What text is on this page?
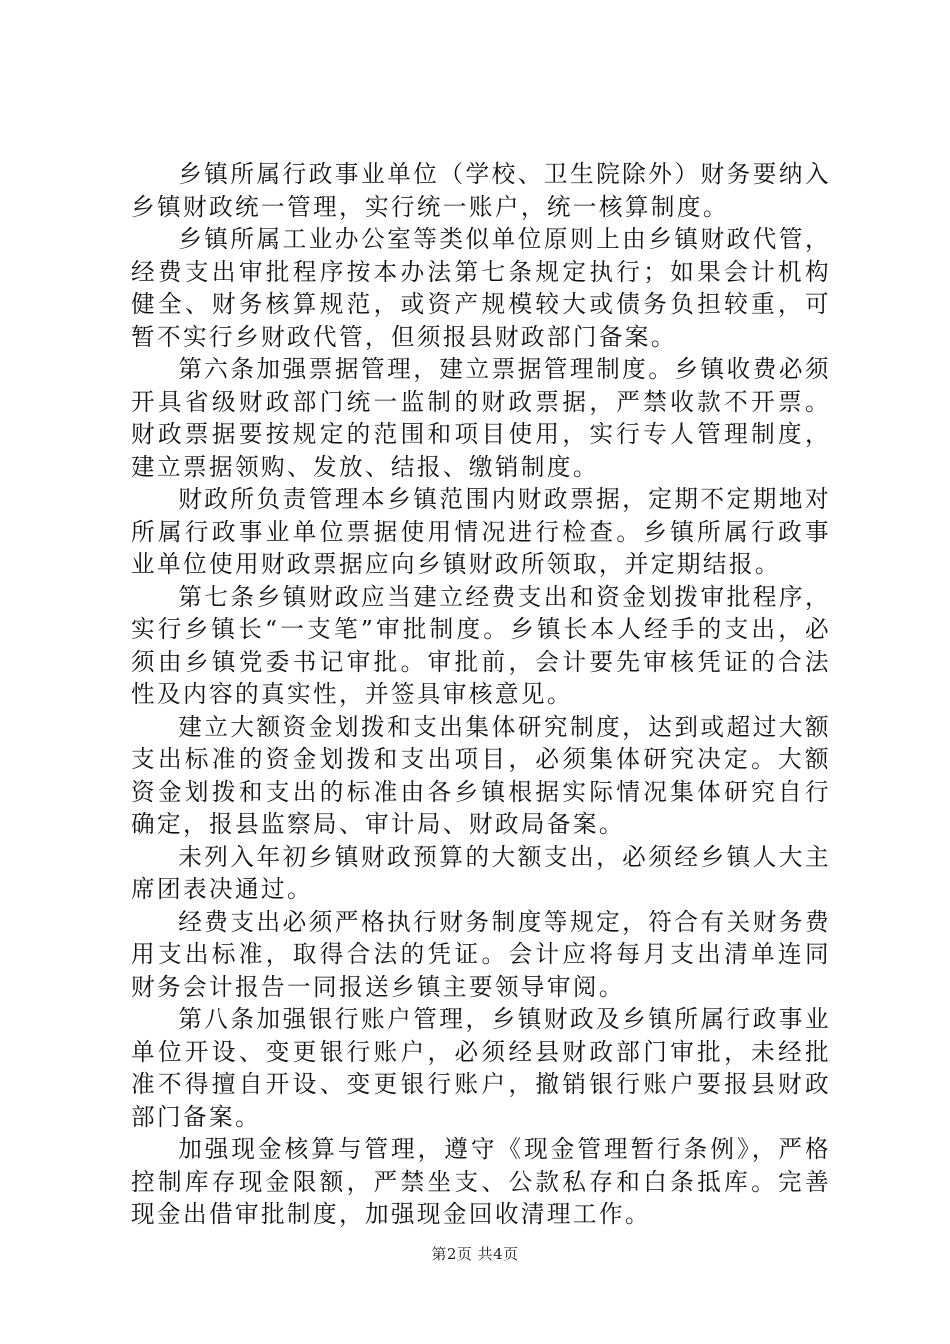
乡镇所属行政事业单位（学校、卫生院除外）财务要纳入乡镇财政统一管理，实行统一账户，统一核算制度。

乡镇所属工业办公室等类似单位原则上由乡镇财政代管，经费支出审批程序按本办法第七条规定执行；如果会计机构健全、财务核算规范，或资产规模较大或债务负担较重，可暂不实行乡财政代管，但须报县财政部门备案。

第六条加强票据管理，建立票据管理制度。乡镇收费必须开具省级财政部门统一监制的财政票据，严禁收款不开票。财政票据要按规定的范围和项目使用，实行专人管理制度，建立票据领购、发放、结报、缴销制度。

财政所负责管理本乡镇范围内财政票据，定期不定期地对所属行政事业单位票据使用情况进行检查。乡镇所属行政事业单位使用财政票据应向乡镇财政所领取，并定期结报。

第七条乡镇财政应当建立经费支出和资金划拨审批程序，实行乡镇长“一支笔”审批制度。乡镇长本人经手的支出，必须由乡镇党委书记审批。审批前，会计要先审核凭证的合法性及内容的真实性，并签具审核意见。

建立大额资金划拨和支出集体研究制度，达到或超过大额支出标准的资金划拨和支出项目，必须集体研究决定。大额资金划拨和支出的标准由各乡镇根据实际情况集体研究自行确定，报县监察局、审计局、财政局备案。

未列入年初乡镇财政预算的大额支出，必须经乡镇人大主席团表决通过。

经费支出必须严格执行财务制度等规定，符合有关财务费用支出标准，取得合法的凭证。会计应将每月支出清单连同财务会计报告一同报送乡镇主要领导审阅。

第八条加强银行账户管理，乡镇财政及乡镇所属行政事业单位开设、变更银行账户，必须经县财政部门审批，未经批准不得擅自开设、变更银行账户，撤销银行账户要报县财政部门备案。

加强现金核算与管理，遵守《现金管理暂行条例》，严格控制库存现金限额，严禁坐支、公款私存和白条抵库。完善现金出借审批制度，加强现金回收清理工作。

第2页 共4页
